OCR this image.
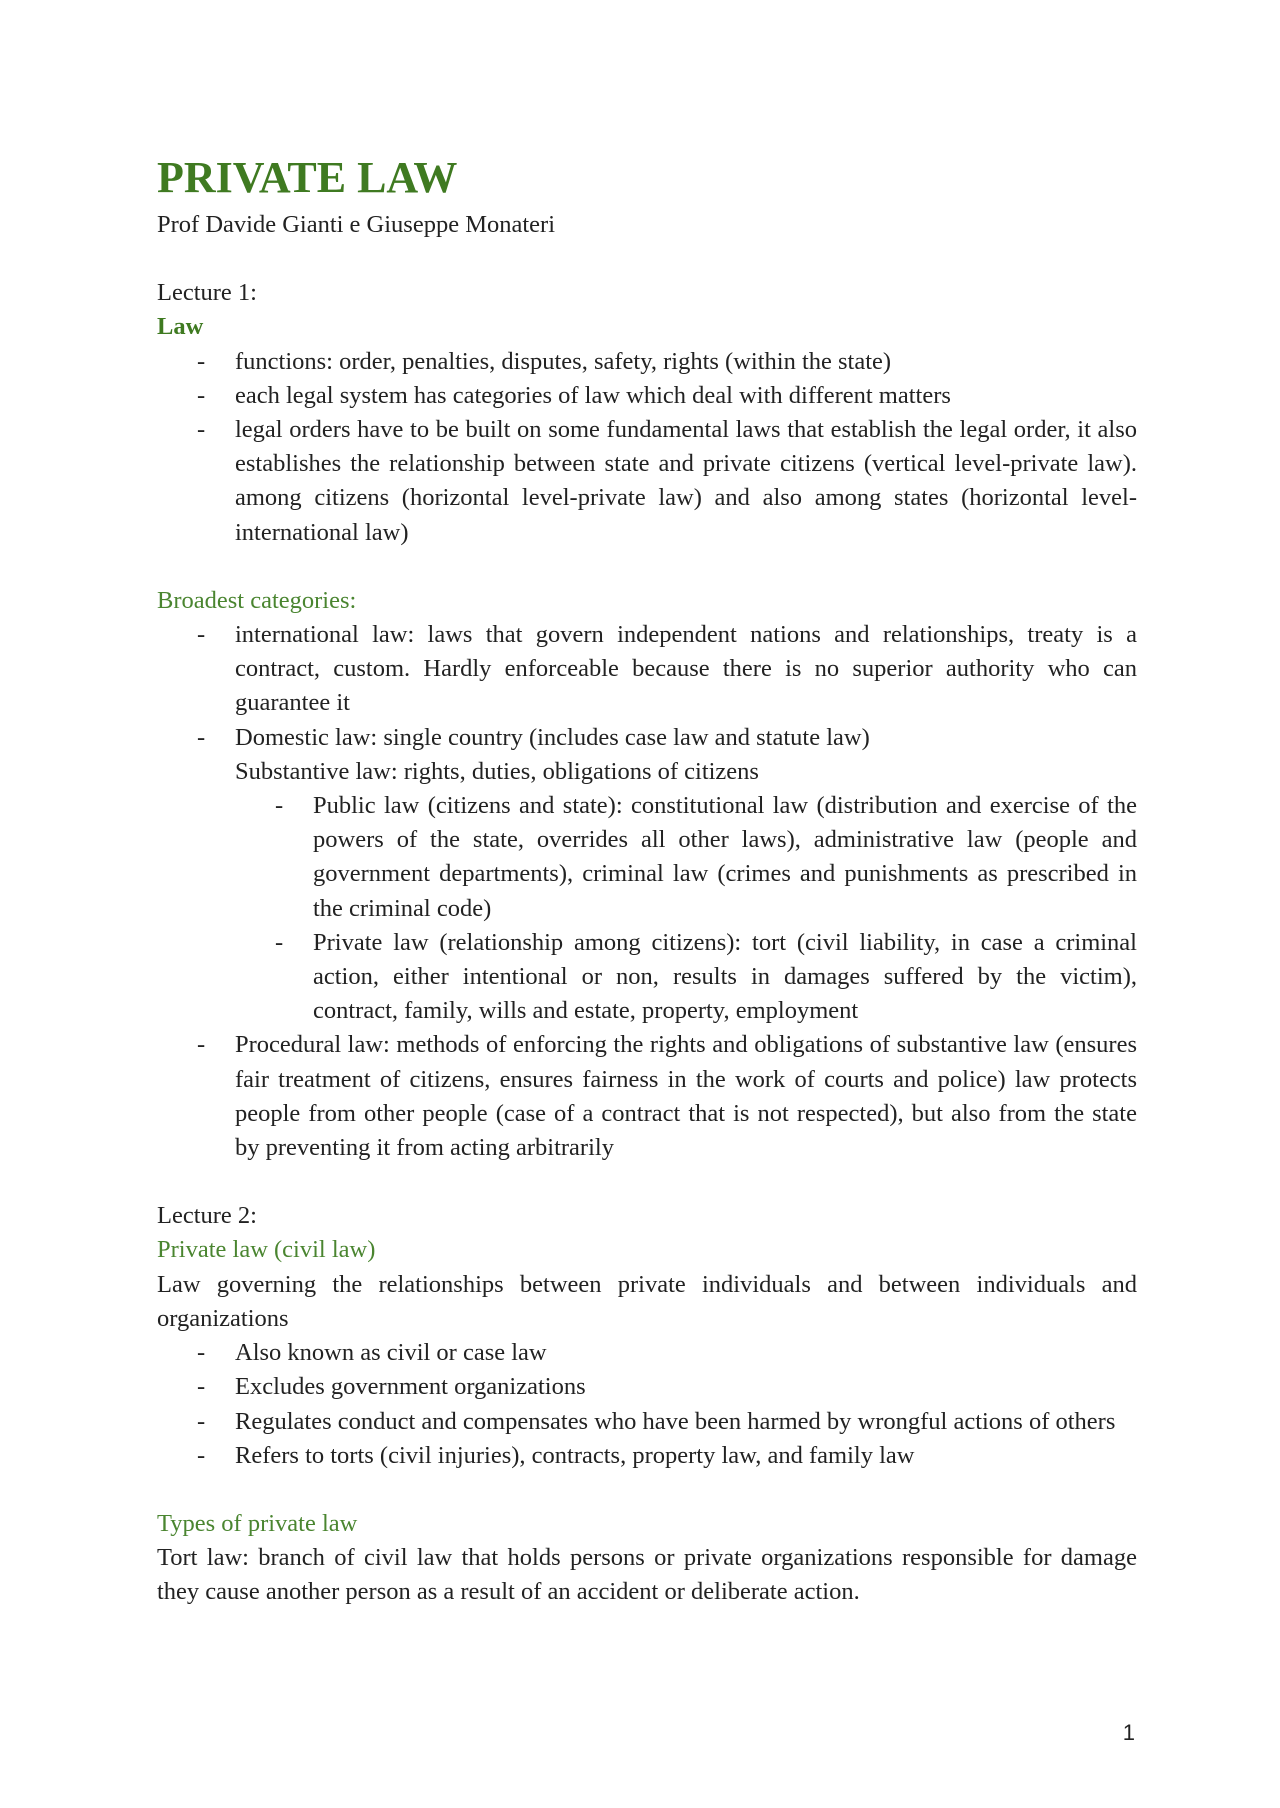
PRIVATE LAW
Prof Davide Gianti e Giuseppe Monateri
Lecture 1:
Law
- functions: order, penalties, disputes, safety, rights (within the state)
- each legal system has categories of law which deal with different matters
- legal orders have to be built on some fundamental laws that establish the legal order, it also establishes the relationship between state and private citizens (vertical level-private law). among citizens (horizontal level-private law) and also among states (horizontal level- international law)
Broadest categories:
- international law: laws that govern independent nations and relationships, treaty is a contract, custom. Hardly enforceable because there is no superior authority who can guarantee it
- Domestic law: single country (includes case law and statute law)
Substantive law: rights, duties, obligations of citizens
- Public law (citizens and state): constitutional law (distribution and exercise of the powers of the state, overrides all other laws), administrative law (people and government departments), criminal law (crimes and punishments as prescribed in the criminal code)
- Private law (relationship among citizens): tort (civil liability, in case a criminal action, either intentional or non, results in damages suffered by the victim), contract, family, wills and estate, property, employment
- Procedural law: methods of enforcing the rights and obligations of substantive law (ensures fair treatment of citizens, ensures fairness in the work of courts and police) law protects people from other people (case of a contract that is not respected), but also from the state by preventing it from acting arbitrarily
Lecture 2:
Private law (civil law)

Law governing the relationships between private individuals and between individuals and organizations

- Also known as civil or case law
- Excludes government organizations
- Regulates conduct and compensates who have been harmed by wrongful actions of others
- Refers to torts (civil injuries), contracts, property law, and family law
Types of private law

Tort law: branch of civil law that holds persons or private organizations responsible for damage they cause another person as a result of an accident or deliberate action.

1
